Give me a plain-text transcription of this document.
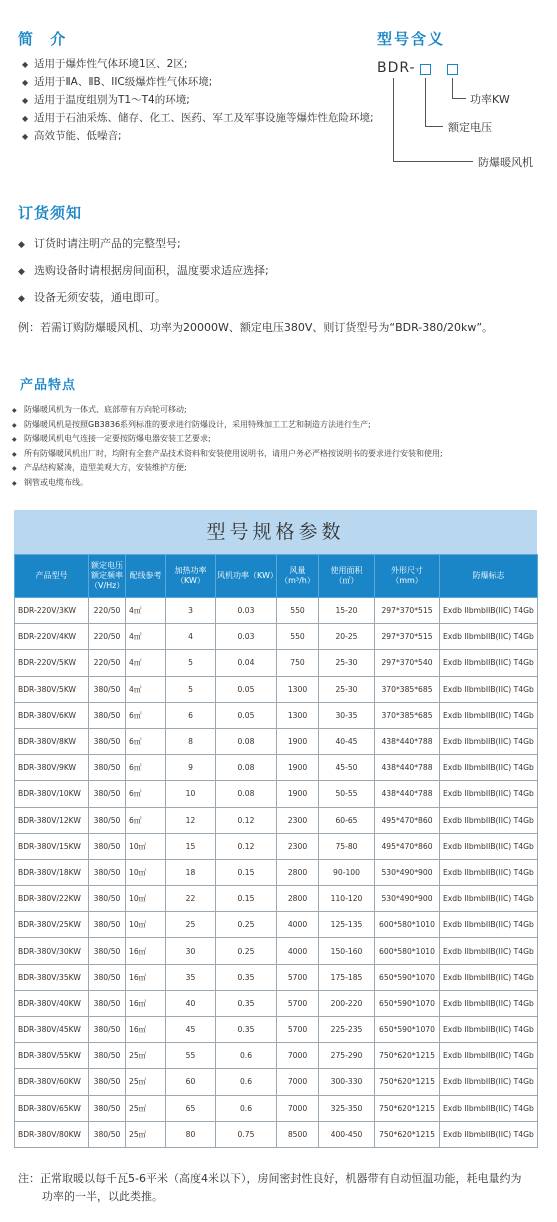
简 介
◆ 适用于爆炸性气体环境1区、2区;
◆ 适用于ⅡA、ⅡB、IIC级爆炸性气体环境;
◆ 适用于温度组别为T1～T4的环境;
◆ 适用于石油采炼、储存、化工、医药、军工及军事设施等爆炸性危险环境;
◆ 高效节能、低噪音;
型号含义
BDR-
功率KW
额定电压
防爆暖风机
订货须知
◆ 订货时请注明产品的完整型号;
◆ 选购设备时请根据房间面积，温度要求适应选择;
◆ 设备无须安装，通电即可。
例：若需订购防爆暖风机、功率为20000W、额定电压380V、则订货型号为“BDR-380/20kw”。
产品特点
◆ 防爆暖风机为一体式、底部带有万向轮可移动;
◆ 防爆暖风机是按照GB3836系列标准的要求进行防爆设计，采用特殊加工工艺和制造方法进行生产;
◆ 防爆暖风机电气连接一定要按防爆电器安装工艺要求;
◆ 所有防爆暖风机出厂时，均附有全套产品技术资料和安装使用说明书，请用户务必严格按说明书的要求进行安装和使用;
◆ 产品结构紧凑，造型美观大方，安装维护方便;
◆ 钢管或电缆布线。
型号规格参数
产品型号	额定电压
额定频率
（V/Hz）	配线参考	加热功率（KW）	风机功率（KW）	风量
（m³/h）	使用面积
（㎡）	外形尺寸
（mm）	防爆标志
BDR-220V/3KW	220/50	4㎡	3	0.03	550	15-20	297*370*515	Exdb IIbmbIIB(IIC) T4Gb
BDR-220V/4KW	220/50	4㎡	4	0.03	550	20-25	297*370*515	Exdb IIbmbIIB(IIC) T4Gb
BDR-220V/5KW	220/50	4㎡	5	0.04	750	25-30	297*370*540	Exdb IIbmbIIB(IIC) T4Gb
BDR-380V/5KW	380/50	4㎡	5	0.05	1300	25-30	370*385*685	Exdb IIbmbIIB(IIC) T4Gb
BDR-380V/6KW	380/50	6㎡	6	0.05	1300	30-35	370*385*685	Exdb IIbmbIIB(IIC) T4Gb
BDR-380V/8KW	380/50	6㎡	8	0.08	1900	40-45	438*440*788	Exdb IIbmbIIB(IIC) T4Gb
BDR-380V/9KW	380/50	6㎡	9	0.08	1900	45-50	438*440*788	Exdb IIbmbIIB(IIC) T4Gb
BDR-380V/10KW	380/50	6㎡	10	0.08	1900	50-55	438*440*788	Exdb IIbmbIIB(IIC) T4Gb
BDR-380V/12KW	380/50	6㎡	12	0.12	2300	60-65	495*470*860	Exdb IIbmbIIB(IIC) T4Gb
BDR-380V/15KW	380/50	10㎡	15	0.12	2300	75-80	495*470*860	Exdb IIbmbIIB(IIC) T4Gb
BDR-380V/18KW	380/50	10㎡	18	0.15	2800	90-100	530*490*900	Exdb IIbmbIIB(IIC) T4Gb
BDR-380V/22KW	380/50	10㎡	22	0.15	2800	110-120	530*490*900	Exdb IIbmbIIB(IIC) T4Gb
BDR-380V/25KW	380/50	10㎡	25	0.25	4000	125-135	600*580*1010	Exdb IIbmbIIB(IIC) T4Gb
BDR-380V/30KW	380/50	16㎡	30	0.25	4000	150-160	600*580*1010	Exdb IIbmbIIB(IIC) T4Gb
BDR-380V/35KW	380/50	16㎡	35	0.35	5700	175-185	650*590*1070	Exdb IIbmbIIB(IIC) T4Gb
BDR-380V/40KW	380/50	16㎡	40	0.35	5700	200-220	650*590*1070	Exdb IIbmbIIB(IIC) T4Gb
BDR-380V/45KW	380/50	16㎡	45	0.35	5700	225-235	650*590*1070	Exdb IIbmbIIB(IIC) T4Gb
BDR-380V/55KW	380/50	25㎡	55	0.6	7000	275-290	750*620*1215	Exdb IIbmbIIB(IIC) T4Gb
BDR-380V/60KW	380/50	25㎡	60	0.6	7000	300-330	750*620*1215	Exdb IIbmbIIB(IIC) T4Gb
BDR-380V/65KW	380/50	25㎡	65	0.6	7000	325-350	750*620*1215	Exdb IIbmbIIB(IIC) T4Gb
BDR-380V/80KW	380/50	25㎡	80	0.75	8500	400-450	750*620*1215	Exdb IIbmbIIB(IIC) T4Gb
注：正常取暖以每千瓦5-6平米（高度4米以下），房间密封性良好，机器带有自动恒温功能，耗电量约为
功率的一半，以此类推。
